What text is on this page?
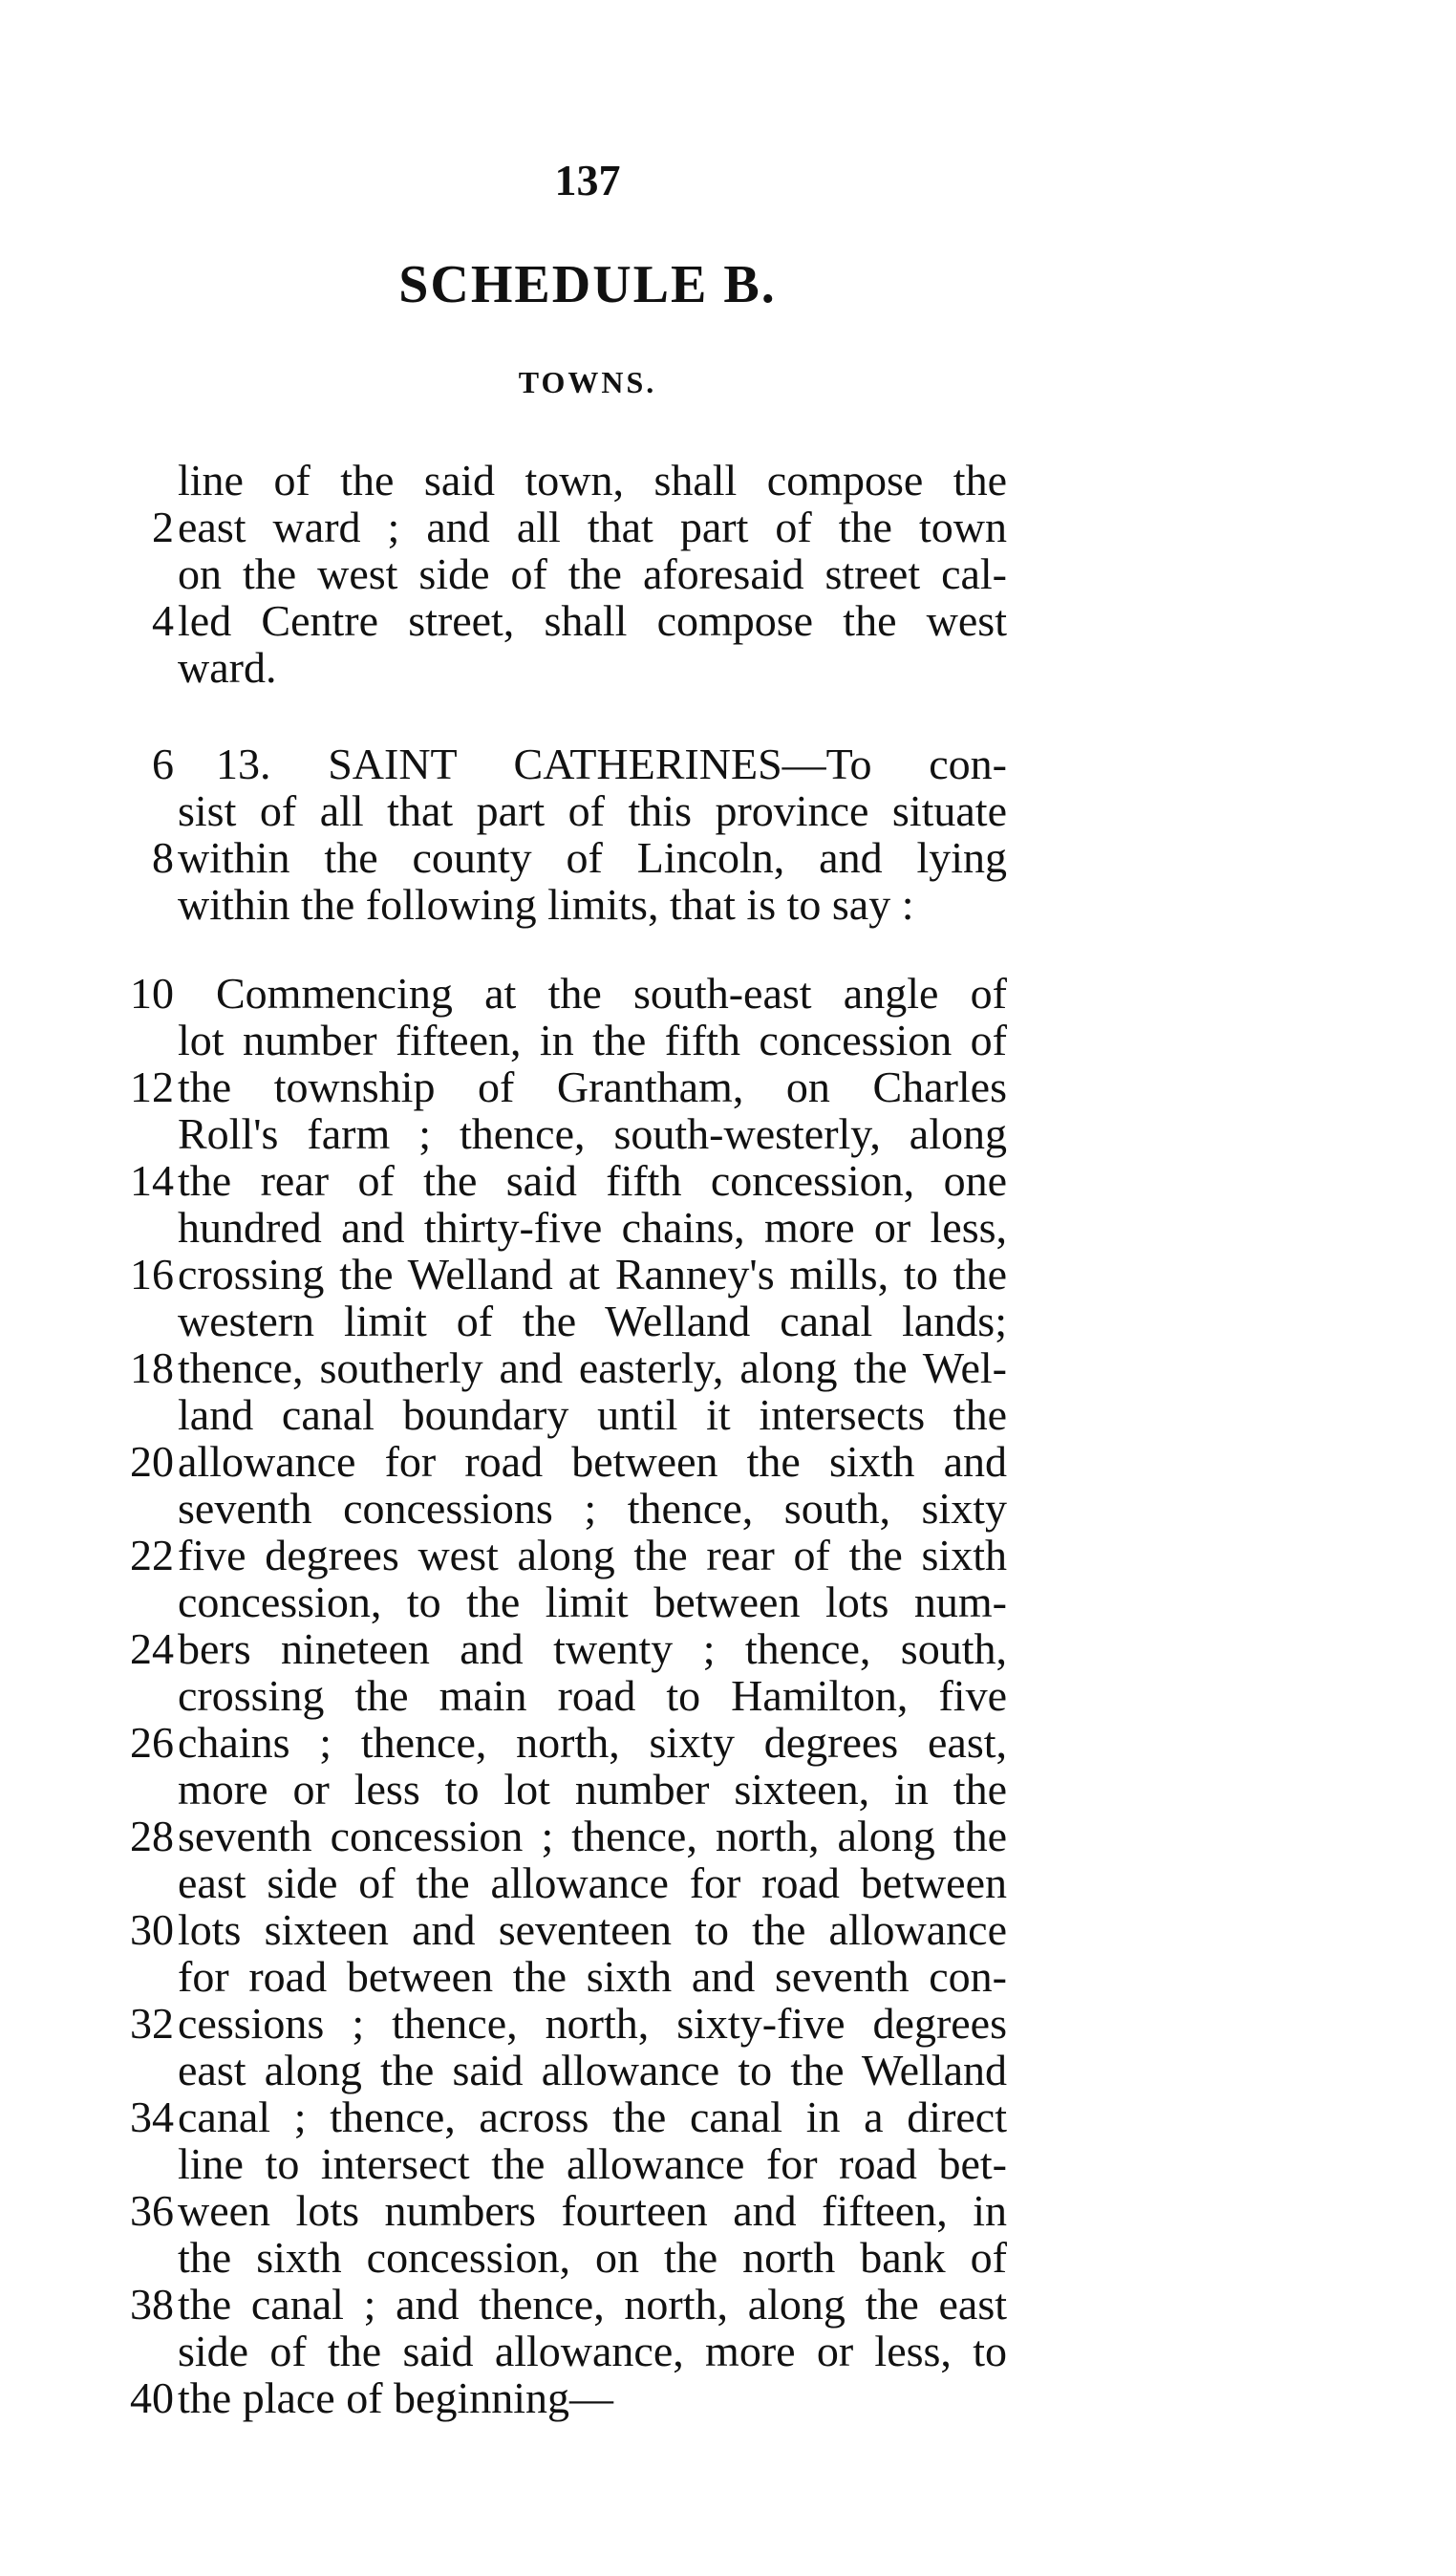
137
SCHEDULE B.
TOWNS.
line of the said town, shall compose the
2 east ward ; and all that part of the town
on the west side of the aforesaid street cal-
4 led Centre street, shall compose the west
ward.
6 13. SAINT CATHERINES—To con-
sist of all that part of this province situate
8 within the county of Lincoln, and lying
within the following limits, that is to say :
10 Commencing at the south-east angle of
lot number fifteen, in the fifth concession of
12 the township of Grantham, on Charles
Roll's farm ; thence, south-westerly, along
14 the rear of the said fifth concession, one
hundred and thirty-five chains, more or less,
16 crossing the Welland at Ranney's mills, to the
western limit of the Welland canal lands;
18 thence, southerly and easterly, along the Wel-
land canal boundary until it intersects the
20 allowance for road between the sixth and
seventh concessions ; thence, south, sixty
22 five degrees west along the rear of the sixth
concession, to the limit between lots num-
24 bers nineteen and twenty ; thence, south,
crossing the main road to Hamilton, five
26 chains ; thence, north, sixty degrees east,
more or less to lot number sixteen, in the
28 seventh concession ; thence, north, along the
east side of the allowance for road between
30 lots sixteen and seventeen to the allowance
for road between the sixth and seventh con-
32 cessions ; thence, north, sixty-five degrees
east along the said allowance to the Welland
34 canal ; thence, across the canal in a direct
line to intersect the allowance for road bet-
36 ween lots numbers fourteen and fifteen, in
the sixth concession, on the north bank of
38 the canal ; and thence, north, along the east
side of the said allowance, more or less, to
40 the place of beginning—
